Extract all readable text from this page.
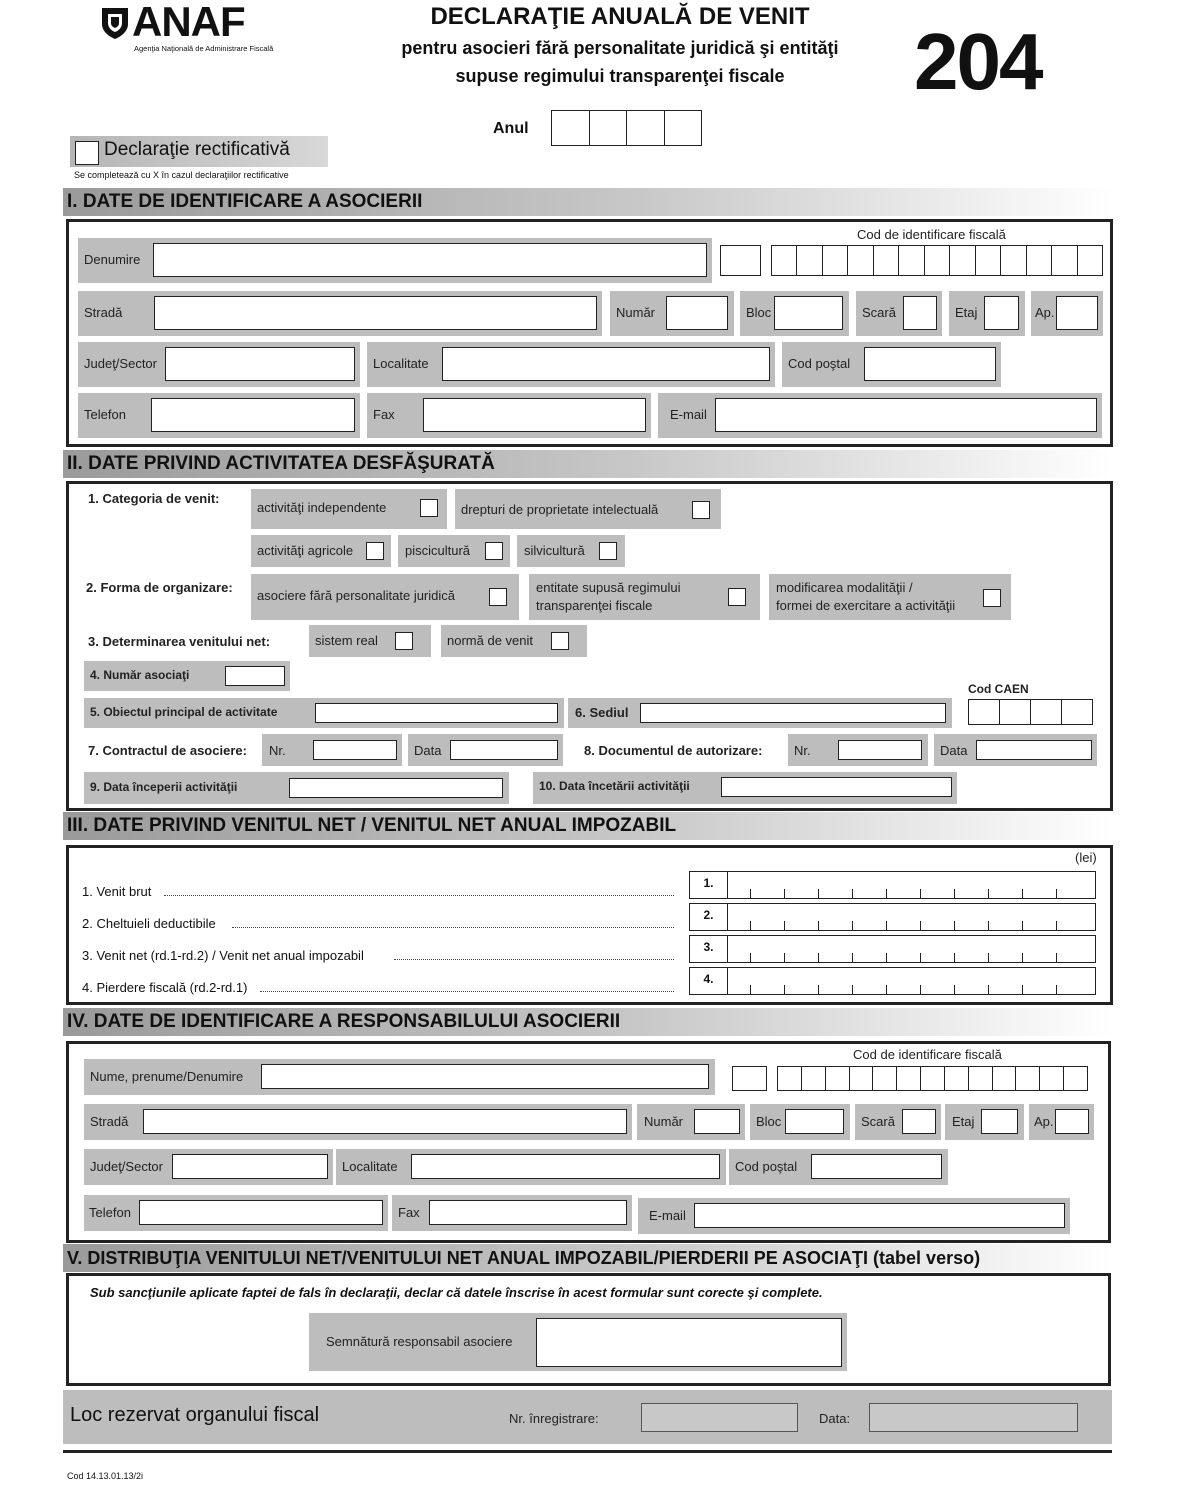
ANAF
Agenţia Naţională de Administrare Fiscală
DECLARAŢIE ANUALĂ DE VENIT
pentru asocieri fără personalitate juridică şi entităţi
supuse regimului transparenţei fiscale	204
Anul
Declaraţie rectificativă
Se completează cu X în cazul declaraţiilor rectificative
I. DATE DE IDENTIFICARE A ASOCIERII
Cod de identificare fiscală
Denumire
Stradă	Număr	Bloc	Scară	Etaj	Ap.
Judeţ/Sector	Localitate	Cod poştal
Telefon	Fax	E-mail
II. DATE PRIVIND ACTIVITATEA DESFĂŞURATĂ
1. Categoria de venit:
activităţi independente	drepturi de proprietate intelectuală
activităţi agricole	piscicultură	silvicultură
2. Forma de organizare:
asociere fără personalitate juridică
entitate supusă regimului
transparenţei fiscale
modificarea modalităţii /
formei de exercitare a activităţii
3. Determinarea venitului net:	sistem real	normă de venit
4. Număr asociaţi
Cod CAEN
5. Obiectul principal de activitate	6. Sediul
7. Contractul de asociere: Nr.	Data	8. Documentul de autorizare: Nr.	Data
9. Data începerii activităţii	10. Data încetării activităţii
III. DATE PRIVIND VENITUL NET / VENITUL NET ANUAL IMPOZABIL
(lei)
1. Venit brut
2. Cheltuieli deductibile
3. Venit net (rd.1-rd.2) / Venit net anual impozabil
4. Pierdere fiscală (rd.2-rd.1)
1.
2.
3.
4.
IV. DATE DE IDENTIFICARE A RESPONSABILULUI ASOCIERII
Cod de identificare fiscală
Nume, prenume/Denumire
Stradă	Număr	Bloc	Scară	Etaj	Ap.
Judeţ/Sector	Localitate	Cod poştal
Telefon	Fax	E-mail
V. DISTRIBUŢIA VENITULUI NET/VENITULUI NET ANUAL IMPOZABIL/PIERDERII PE ASOCIAŢI (tabel verso)
Sub sancţiunile aplicate faptei de fals în declaraţii, declar că datele înscrise în acest formular sunt corecte şi complete.
Semnătură responsabil asociere
Loc rezervat organului fiscal	Nr. înregistrare:	Data:
Cod 14.13.01.13/2i
